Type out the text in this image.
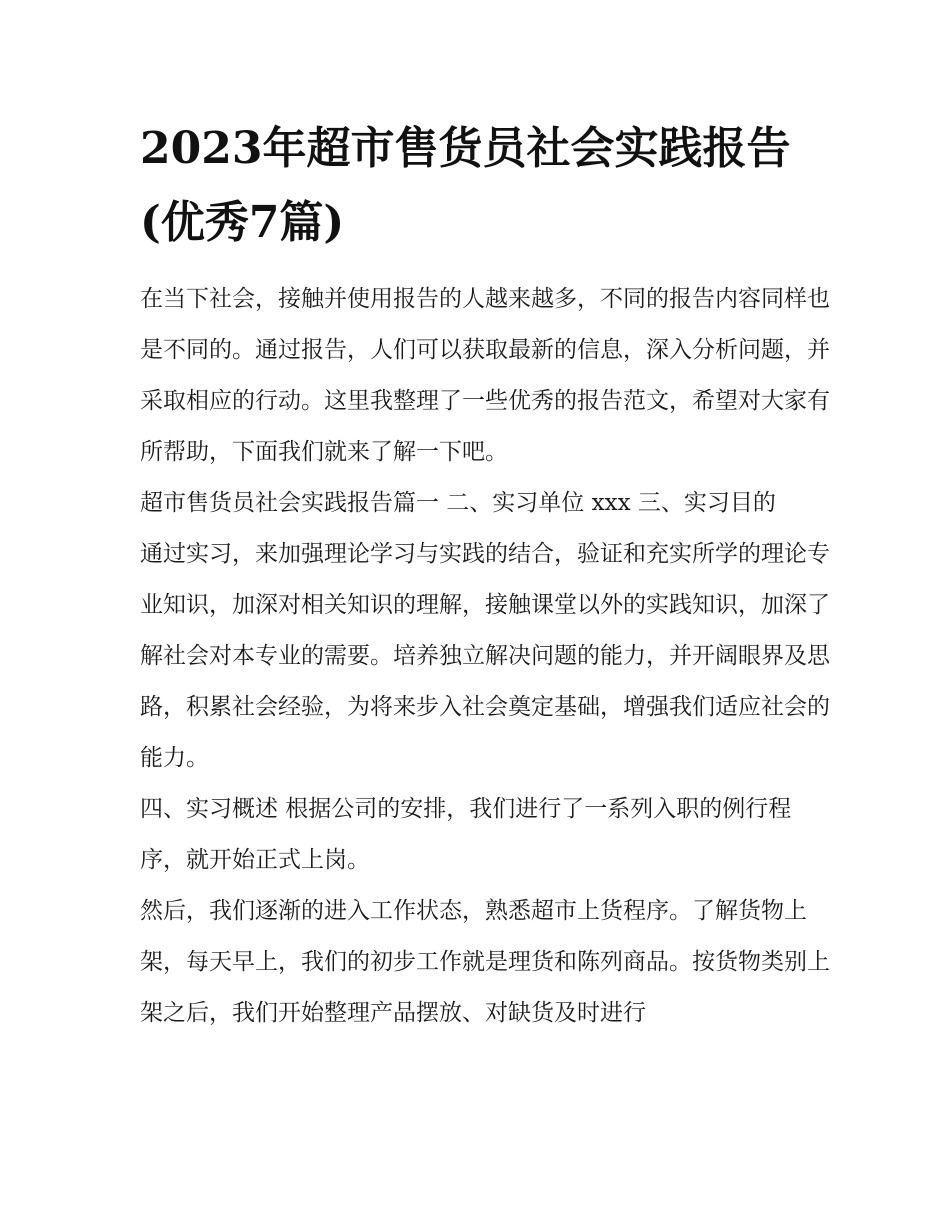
2023年超市售货员社会实践报告(优秀7篇)

在当下社会，接触并使用报告的人越来越多，不同的报告内容同样也是不同的。通过报告，人们可以获取最新的信息，深入分析问题，并采取相应的行动。这里我整理了一些优秀的报告范文，希望对大家有所帮助，下面我们就来了解一下吧。

超市售货员社会实践报告篇一 二、实习单位 xxx 三、实习目的

通过实习，来加强理论学习与实践的结合，验证和充实所学的理论专业知识，加深对相关知识的理解，接触课堂以外的实践知识，加深了解社会对本专业的需要。培养独立解决问题的能力，并开阔眼界及思路，积累社会经验，为将来步入社会奠定基础，增强我们适应社会的能力。

四、实习概述 根据公司的安排，我们进行了一系列入职的例行程序，就开始正式上岗。

然后，我们逐渐的进入工作状态，熟悉超市上货程序。了解货物上架，每天早上，我们的初步工作就是理货和陈列商品。按货物类别上架之后，我们开始整理产品摆放、对缺货及时进行
